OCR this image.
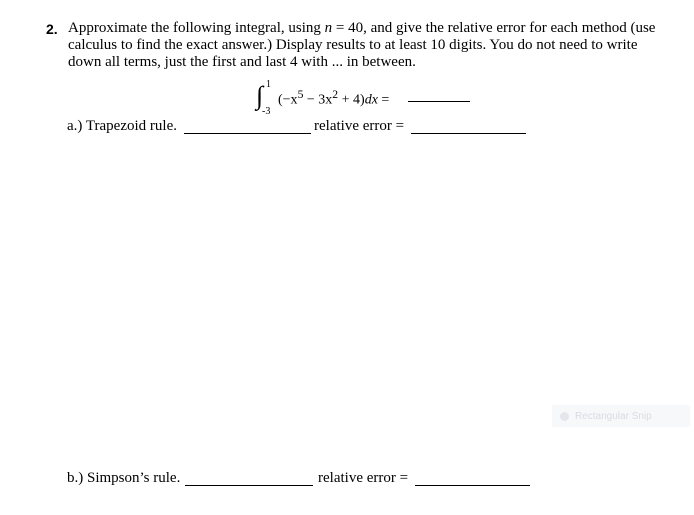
2. Approximate the following integral, using n = 40, and give the relative error for each method (use calculus to find the exact answer.) Display results to at least 10 digits. You do not need to write down all terms, just the first and last 4 with ... in between.
∫ 1
-3
$(-x^5 - 3x^2 + 4)dx$ =
a.) Trapezoid rule.	relative error =
Rectangular Snip
b.) Simpson’s rule.	relative error =
